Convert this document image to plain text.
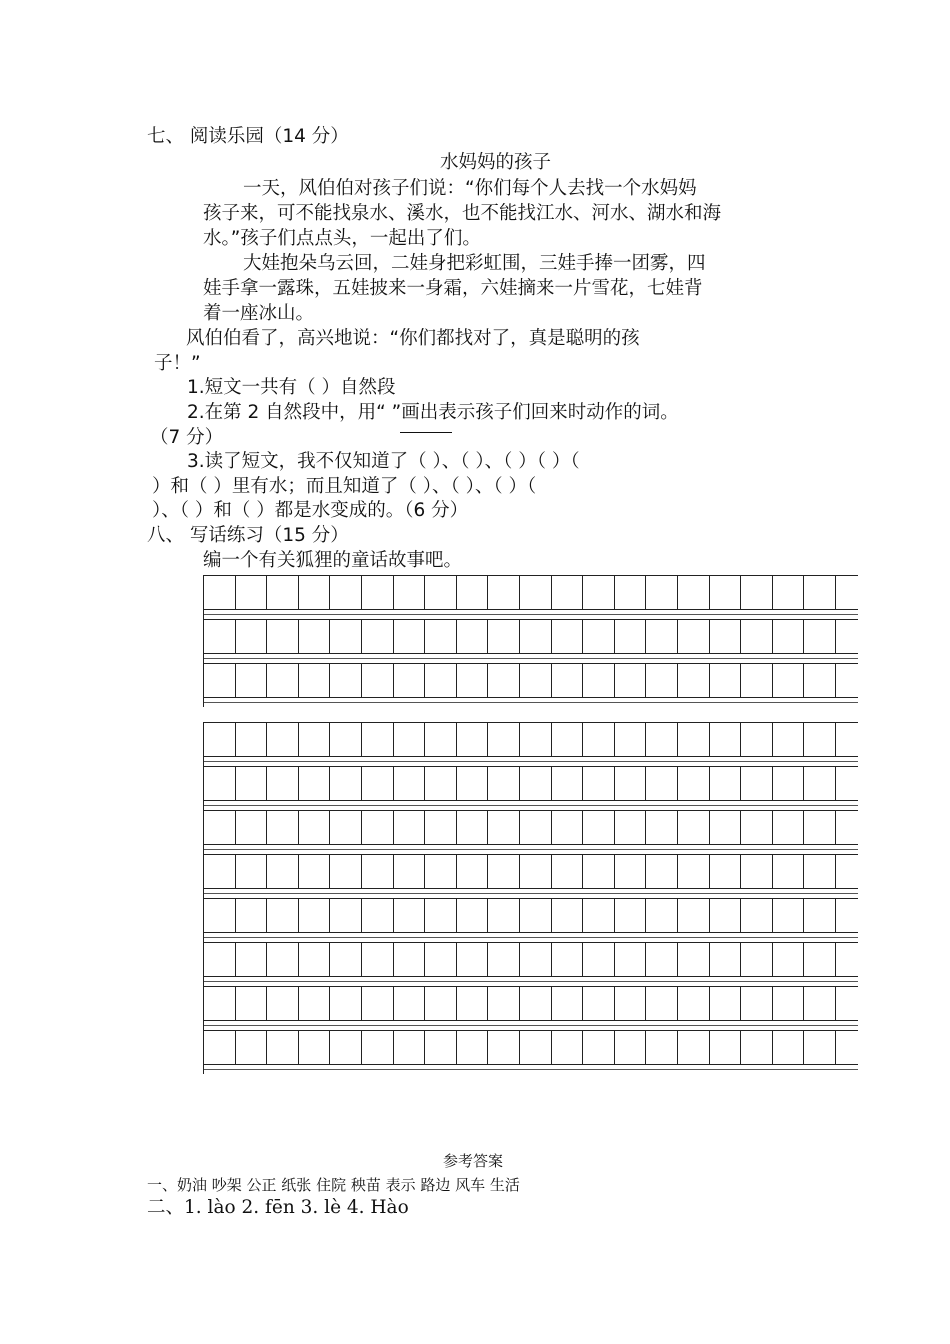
七、 阅读乐园（14 分）
水妈妈的孩子
一天，风伯伯对孩子们说：“你们每个人去找一个水妈妈
孩子来，可不能找泉水、溪水，也不能找江水、河水、湖水和海
水。”孩子们点点头，一起出了们。
大娃抱朵乌云回，二娃身把彩虹围，三娃手捧一团雾，四
娃手拿一露珠，五娃披来一身霜，六娃摘来一片雪花，七娃背
着一座冰山。
风伯伯看了，高兴地说：“你们都找对了，真是聪明的孩
子！”
1.短文一共有（ ）自然段
2.在第 2 自然段中，用“ ”画出表示孩子们回来时动作的词。
（7 分）
3.读了短文，我不仅知道了（ ）、（ ）、（ ）（ ）（
）和（ ）里有水；而且知道了（ ）、（ ）、（ ）（
）、（ ）和（ ）都是水变成的。（6 分）
八、 写话练习（15 分）
编一个有关狐狸的童话故事吧。
参考答案
一、奶油 吵架 公正 纸张 住院 秧苗 表示 路边 风车 生活
二、1. lào 2. fēn 3. lè 4. Hào
